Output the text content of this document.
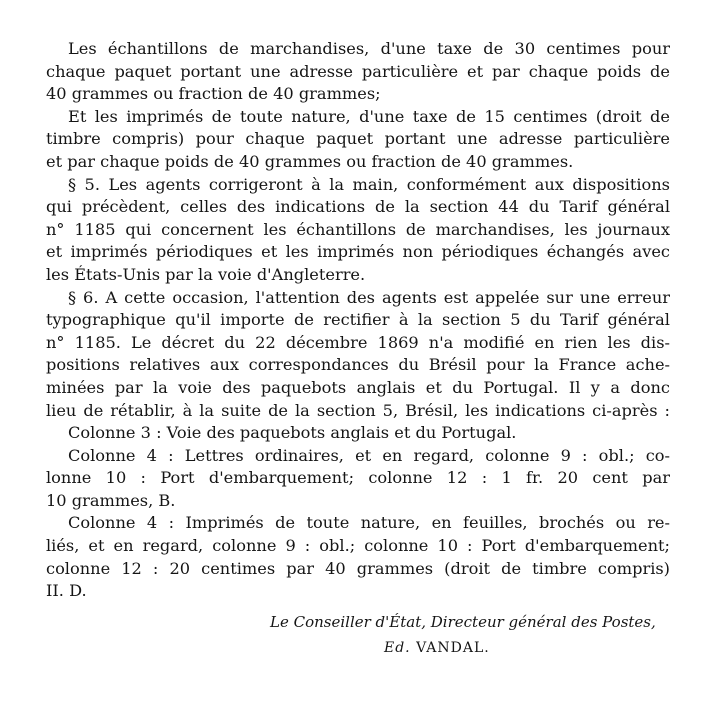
Les échantillons de marchandises, d'une taxe de 30 centimes pour
chaque paquet portant une adresse particulière et par chaque poids de
40 grammes ou fraction de 40 grammes;
Et les imprimés de toute nature, d'une taxe de 15 centimes (droit de
timbre compris) pour chaque paquet portant une adresse particulière
et par chaque poids de 40 grammes ou fraction de 40 grammes.
§ 5. Les agents corrigeront à la main, conformément aux dispositions
qui précèdent, celles des indications de la section 44 du Tarif général
n° 1185 qui concernent les échantillons de marchandises, les journaux
et imprimés périodiques et les imprimés non périodiques échangés avec
les États-Unis par la voie d'Angleterre.
§ 6. A cette occasion, l'attention des agents est appelée sur une erreur
typographique qu'il importe de rectifier à la section 5 du Tarif général
n° 1185. Le décret du 22 décembre 1869 n'a modifié en rien les dis-
positions relatives aux correspondances du Brésil pour la France ache-
minées par la voie des paquebots anglais et du Portugal. Il y a donc
lieu de rétablir, à la suite de la section 5, Brésil, les indications ci-après :
Colonne 3 : Voie des paquebots anglais et du Portugal.
Colonne 4 : Lettres ordinaires, et en regard, colonne 9 : obl.; co-
lonne 10 : Port d'embarquement; colonne 12 : 1 fr. 20 cent par
10 grammes, B.
Colonne 4 : Imprimés de toute nature, en feuilles, brochés ou re-
liés, et en regard, colonne 9 : obl.; colonne 10 : Port d'embarquement;
colonne 12 : 20 centimes par 40 grammes (droit de timbre compris)
II. D.
Le Conseiller d'État, Directeur général des Postes,
Ed. VANDAL.
